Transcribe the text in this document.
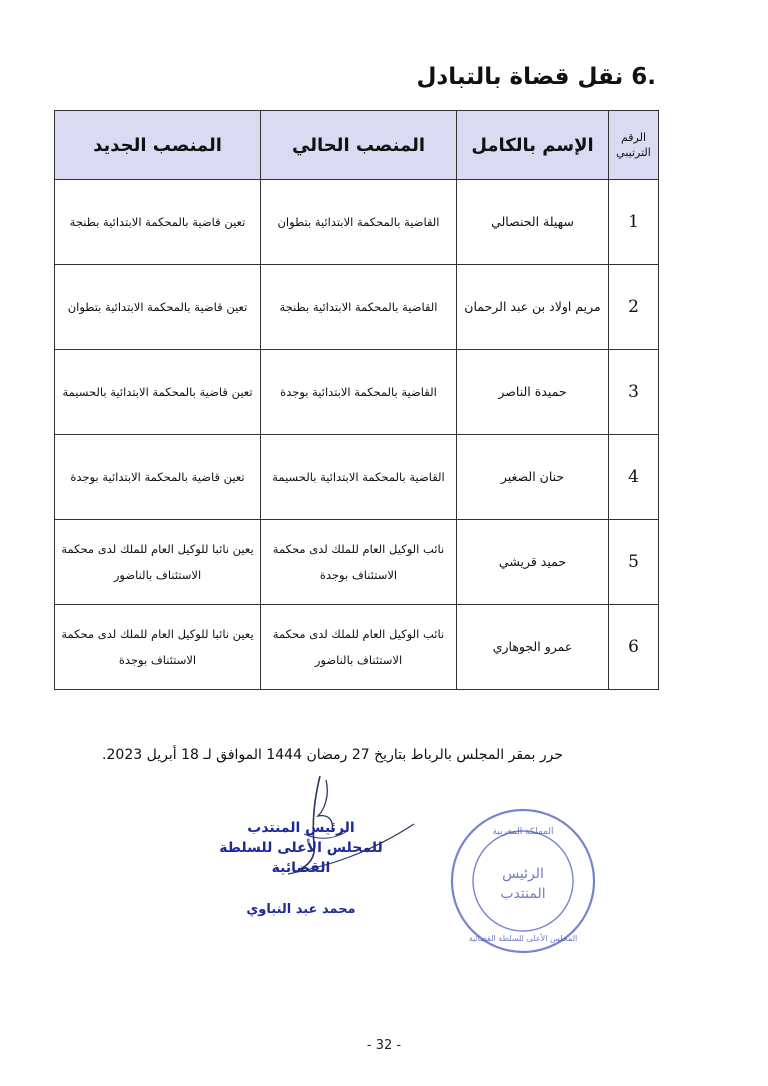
.6 نقل قضاة بالتبادل
الرقم الترتيبي	الإسم بالكامل	المنصب الحالي	المنصب الجديد
1	سهيلة الحنصالي	القاضية بالمحكمة الابتدائية بتطوان	تعين قاضية بالمحكمة الابتدائية بطنجة
2	مريم اولاد بن عبد الرحمان	القاضية بالمحكمة الابتدائية بطنجة	تعين قاضية بالمحكمة الابتدائية بتطوان
3	حميدة الناصر	القاضية بالمحكمة الابتدائية بوجدة	تعين قاضية بالمحكمة الابتدائية بالحسيمة
4	حنان الصغير	القاضية بالمحكمة الابتدائية بالحسيمة	تعين قاضية بالمحكمة الابتدائية بوجدة
5	حميد قريشي	نائب الوكيل العام للملك لدى محكمة الاستئناف بوجدة	يعين نائبا للوكيل العام للملك لدى محكمة الاستئناف بالناضور
6	عمرو الجوهاري	نائب الوكيل العام للملك لدى محكمة الاستئناف بالناضور	يعين نائبا للوكيل العام للملك لدى محكمة الاستئناف بوجدة
حرر بمقر المجلس بالرباط بتاريخ 27 رمضان 1444 الموافق لـ 18 أبريل 2023.
الرئيس المنتدب
للمجلس الأعلى للسلطة القضائية
محمد عبد النباوي
المملكة المغربية
المجلس الأعلى للسلطة القضائية
الرئيس
المنتدب
- 32 -
